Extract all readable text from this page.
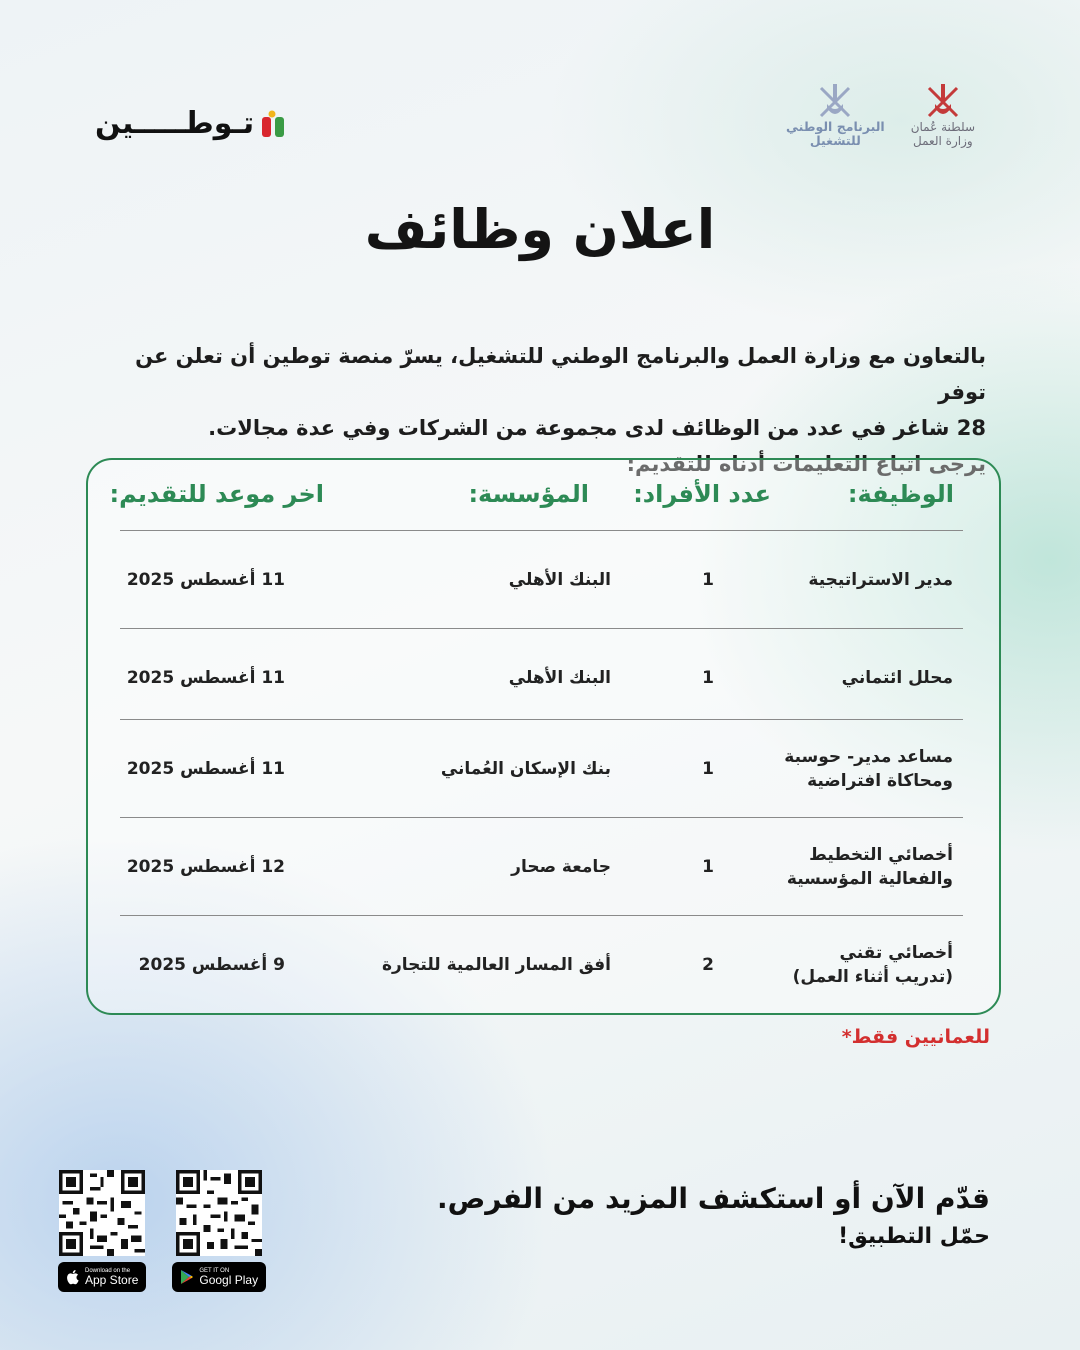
تـوطـــــين	البرنامج الوطني
للتشغيل
سلطنة عُمان
وزارة العمل
اعلان وظائف

بالتعاون مع وزارة العمل والبرنامج الوطني للتشغيل، يسرّ منصة توطين أن تعلن عن توفر

28 شاغر في عدد من الوظائف لدى مجموعة من الشركات وفي عدة مجالات.

يرجى اتباع التعليمات أدناه للتقديم:

الوظيفة:
عدد الأفراد:
المؤسسة:
اخر موعد للتقديم:
مدير الاستراتيجية
1
البنك الأهلي
11 أغسطس 2025
محلل ائتماني
1
البنك الأهلي
11 أغسطس 2025
مساعد مدير- حوسبة ومحاكاة افتراضية
1
بنك الإسكان العُماني
11 أغسطس 2025
أخصائي التخطيط والفعالية المؤسسية
1
جامعة صحار
12 أغسطس 2025
أخصائي تقني (تدريب أثناء العمل)
2
أفق المسار العالمية للتجارة
9 أغسطس 2025
للعمانيين فقط*
قدّم الآن أو استكشف المزيد من الفرص.
حمّل التطبيق!
Download on the
App Store
GET IT ON
Googl Play
